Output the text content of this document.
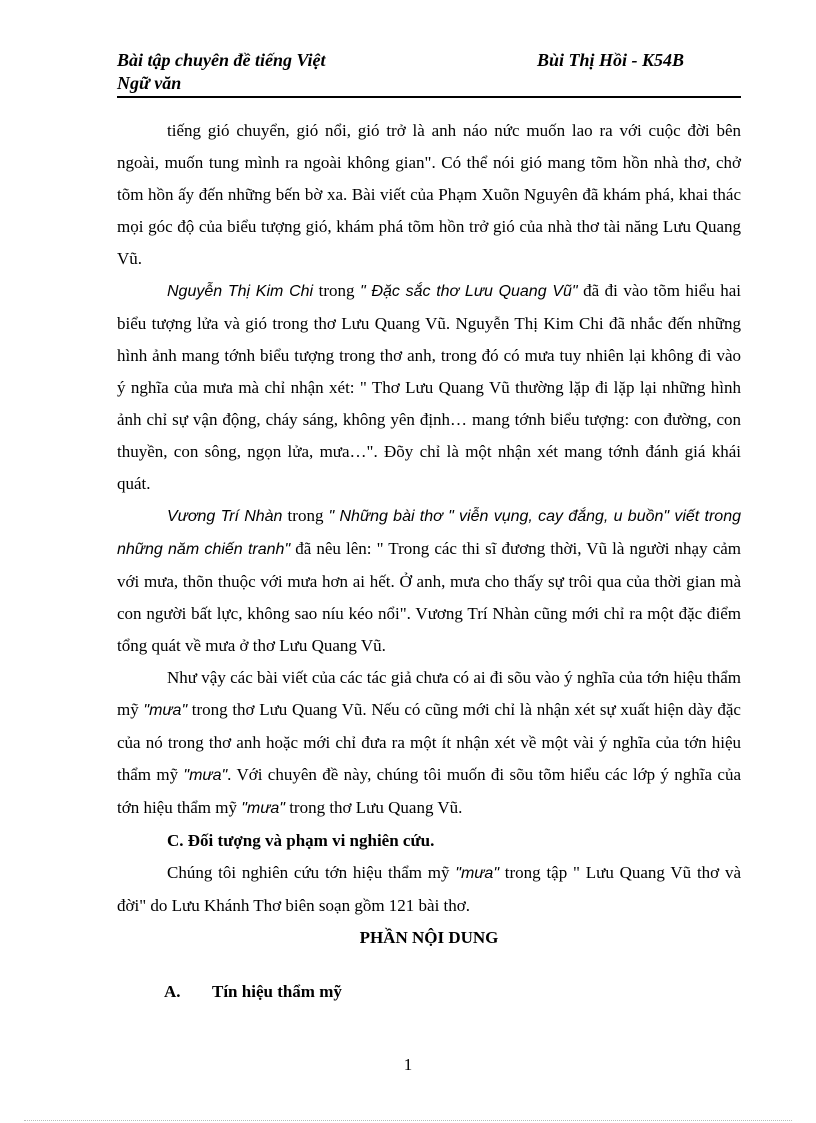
Bài tập chuyên đề tiếng Việt
Ngữ văn
Bùi Thị Hồi - K54B

tiếng gió chuyển, gió nổi, gió trở là anh náo nức muốn lao ra với cuộc đời bên ngoài, muốn tung mình ra ngoài không gian". Có thể nói gió mang tõm hồn nhà thơ, chở tõm hồn ấy đến những bến bờ xa. Bài viết của Phạm Xuõn Nguyên đã khám phá, khai thác mọi góc độ của biểu tượng gió, khám phá tõm hồn trở gió của nhà thơ tài năng Lưu Quang Vũ.

Nguyễn Thị Kim Chi trong " Đặc sắc thơ Lưu Quang Vũ" đã đi vào tõm hiểu hai biểu tượng lửa và gió trong thơ Lưu Quang Vũ. Nguyễn Thị Kim Chi đã nhắc đến những hình ảnh mang tớnh biểu tượng trong thơ anh, trong đó có mưa tuy nhiên lại không đi vào ý nghĩa của mưa mà chỉ nhận xét: " Thơ Lưu Quang Vũ thường lặp đi lặp lại những hình ảnh chỉ sự vận động, cháy sáng, không yên định… mang tớnh biểu tượng: con đường, con thuyền, con sông, ngọn lửa, mưa…". Đõy chỉ là một nhận xét mang tớnh đánh giá khái quát.

Vương Trí Nhàn trong " Những bài thơ " viễn vụng, cay đắng, u buồn" viết trong những năm chiến tranh" đã nêu lên: " Trong các thi sĩ đương thời, Vũ là người nhạy cảm với mưa, thõn thuộc với mưa hơn ai hết. Ở anh, mưa cho thấy sự trôi qua của thời gian mà con người bất lực, không sao níu kéo nổi". Vương Trí Nhàn cũng mới chỉ ra một đặc điểm tổng quát về mưa ở thơ Lưu Quang Vũ.

Như vậy các bài viết của các tác giả chưa có ai đi sõu vào ý nghĩa của tớn hiệu thẩm mỹ "mưa" trong thơ Lưu Quang Vũ. Nếu có cũng mới chỉ là nhận xét sự xuất hiện dày đặc của nó trong thơ anh hoặc mới chỉ đưa ra một ít nhận xét về một vài ý nghĩa của tớn hiệu thẩm mỹ "mưa". Với chuyên đề này, chúng tôi muốn đi sõu tõm hiểu các lớp ý nghĩa của tớn hiệu thẩm mỹ "mưa" trong thơ Lưu Quang Vũ.

C. Đối tượng và phạm vi nghiên cứu.

Chúng tôi nghiên cứu tớn hiệu thẩm mỹ "mưa" trong tập " Lưu Quang Vũ thơ và đời" do Lưu Khánh Thơ biên soạn gồm 121 bài thơ.

PHẦN NỘI DUNG

A. Tín hiệu thẩm mỹ

1
